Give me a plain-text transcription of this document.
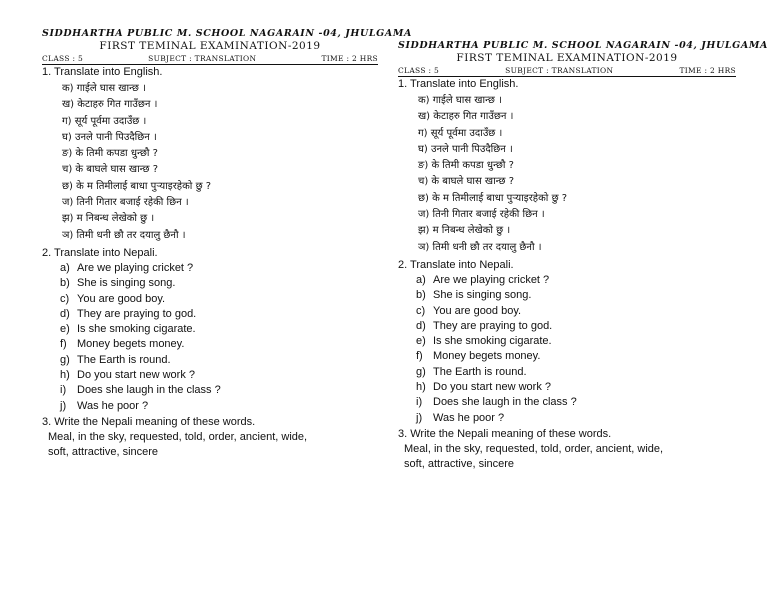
SIDDHARTHA PUBLIC M. SCHOOL NAGARAIN -04, JHULGAMA
FIRST TEMINAL EXAMINATION-2019
CLASS : 5	SUBJECT : TRANSLATION	TIME : 2 HRS

1. Translate into English.

क) गाईले घास खान्छ ।
ख) केटाहरु गित गाउँछन ।
ग) सूर्य पूर्वमा उदाउँछ ।
घ) उनले पानी पिउदैछिन ।
ङ) के तिमी कपडा धुन्छौ ?
च) के बाघले घास खान्छ ?
छ) के म तिमीलाई बाधा पुर्‍याइरहेको छु ?
ज) तिनी गितार बजाई रहेकी छिन ।
झ) म निबन्ध लेखेको छु ।
ञ) तिमी धनी छौ तर दयालु छैनौ ।

2. Translate into Nepali.

a) Are we playing cricket ?
b) She is singing song.
c) You are good boy.
d) They are praying to god.
e) Is she smoking cigarate.
f) Money begets money.
g) The Earth is round.
h) Do you start new work ?
i) Does she laugh in the class ?
j) Was he poor ?

3. Write the Nepali meaning of these words.

Meal, in the sky, requested, told, order, ancient, wide,
soft, attractive, sincere
SIDDHARTHA PUBLIC M. SCHOOL NAGARAIN -04, JHULGAMA
FIRST TEMINAL EXAMINATION-2019
CLASS : 5	SUBJECT : TRANSLATION	TIME : 2 HRS

1. Translate into English.

क) गाईले घास खान्छ ।
ख) केटाहरु गित गाउँछन ।
ग) सूर्य पूर्वमा उदाउँछ ।
घ) उनले पानी पिउदैछिन ।
ङ) के तिमी कपडा धुन्छौ ?
च) के बाघले घास खान्छ ?
छ) के म तिमीलाई बाधा पुर्‍याइरहेको छु ?
ज) तिनी गितार बजाई रहेकी छिन ।
झ) म निबन्ध लेखेको छु ।
ञ) तिमी धनी छौ तर दयालु छैनौ ।

2. Translate into Nepali.

a) Are we playing cricket ?
b) She is singing song.
c) You are good boy.
d) They are praying to god.
e) Is she smoking cigarate.
f) Money begets money.
g) The Earth is round.
h) Do you start new work ?
i) Does she laugh in the class ?
j) Was he poor ?

3. Write the Nepali meaning of these words.

Meal, in the sky, requested, told, order, ancient, wide,
soft, attractive, sincere
